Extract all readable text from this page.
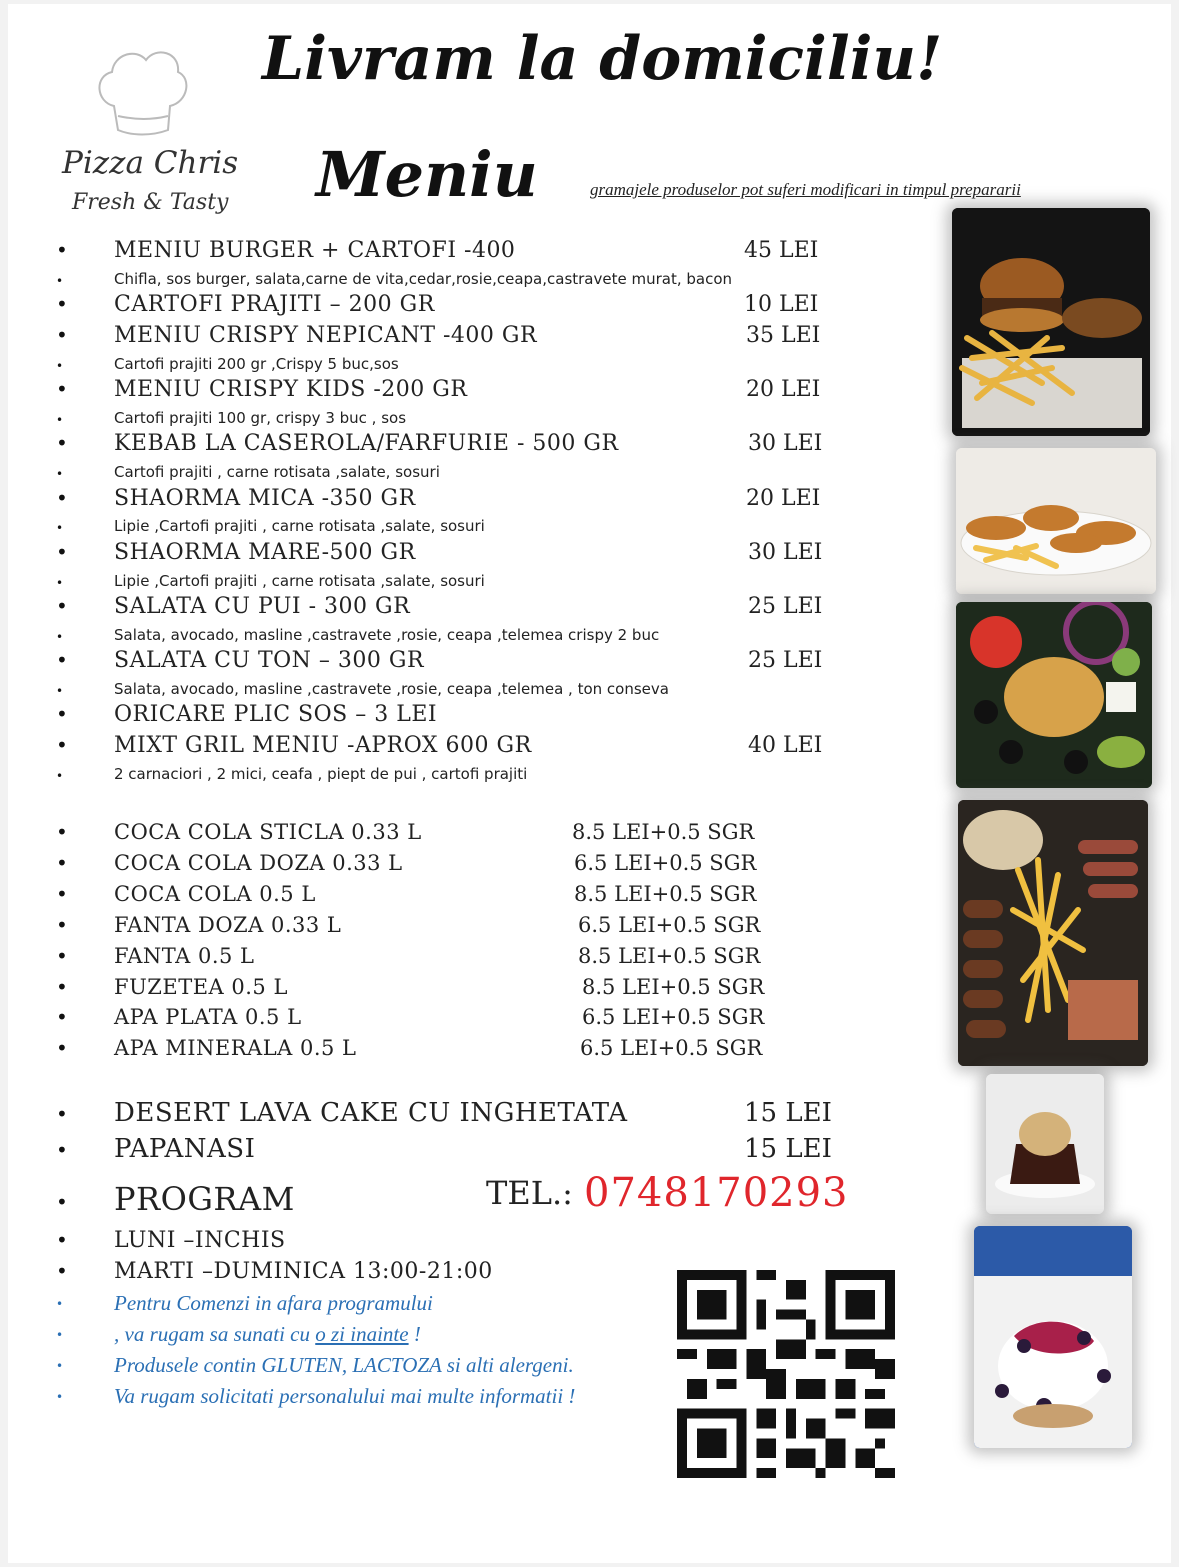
Pizza Chris
Fresh & Tasty
Livram la domiciliu!
Meniu	gramajele produselor pot suferi modificari in timpul prepararii
• MENIU BURGER + CARTOFI -400	45 LEI
•	Chifla, sos burger, salata,carne de vita,cedar,rosie,ceapa,castravete murat, bacon
• CARTOFI PRAJITI – 200 GR	10 LEI
• MENIU CRISPY NEPICANT -400 GR	35 LEI
•	Cartofi prajiti 200 gr ,Crispy 5 buc,sos
• MENIU CRISPY KIDS -200 GR	20 LEI
•	Cartofi prajiti 100 gr, crispy 3 buc , sos
• KEBAB LA CASEROLA/FARFURIE - 500 GR	30 LEI
•	Cartofi prajiti , carne rotisata ,salate, sosuri
• SHAORMA MICA -350 GR	20 LEI
•	Lipie ,Cartofi prajiti , carne rotisata ,salate, sosuri
• SHAORMA MARE-500 GR	30 LEI
•	Lipie ,Cartofi prajiti , carne rotisata ,salate, sosuri
• SALATA CU PUI - 300 GR	25 LEI
•	Salata, avocado, masline ,castravete ,rosie, ceapa ,telemea crispy 2 buc
• SALATA CU TON – 300 GR	25 LEI
•	Salata, avocado, masline ,castravete ,rosie, ceapa ,telemea , ton conseva
• ORICARE PLIC SOS – 3 LEI
• MIXT GRIL MENIU -APROX 600 GR	40 LEI
•	2 carnaciori , 2 mici, ceafa , piept de pui , cartofi prajiti
• COCA COLA STICLA 0.33 L	8.5 LEI+0.5 SGR
• COCA COLA DOZA 0.33 L	6.5 LEI+0.5 SGR
• COCA COLA 0.5 L	8.5 LEI+0.5 SGR
• FANTA DOZA 0.33 L	6.5 LEI+0.5 SGR
• FANTA 0.5 L	8.5 LEI+0.5 SGR
• FUZETEA 0.5 L	8.5 LEI+0.5 SGR
• APA PLATA 0.5 L	6.5 LEI+0.5 SGR
• APA MINERALA 0.5 L	6.5 LEI+0.5 SGR
• DESERT LAVA CAKE CU INGHETATA	15 LEI
• PAPANASI	15 LEI
• PROGRAM	TEL.: 0748170293
• LUNI –INCHIS
• MARTI –DUMINICA 13:00-21:00
• Pentru Comenzi in afara programului
• , va rugam sa sunati cu o zi inainte !
• Produsele contin GLUTEN, LACTOZA si alti alergeni.
• Va rugam solicitati personalului mai multe informatii !
